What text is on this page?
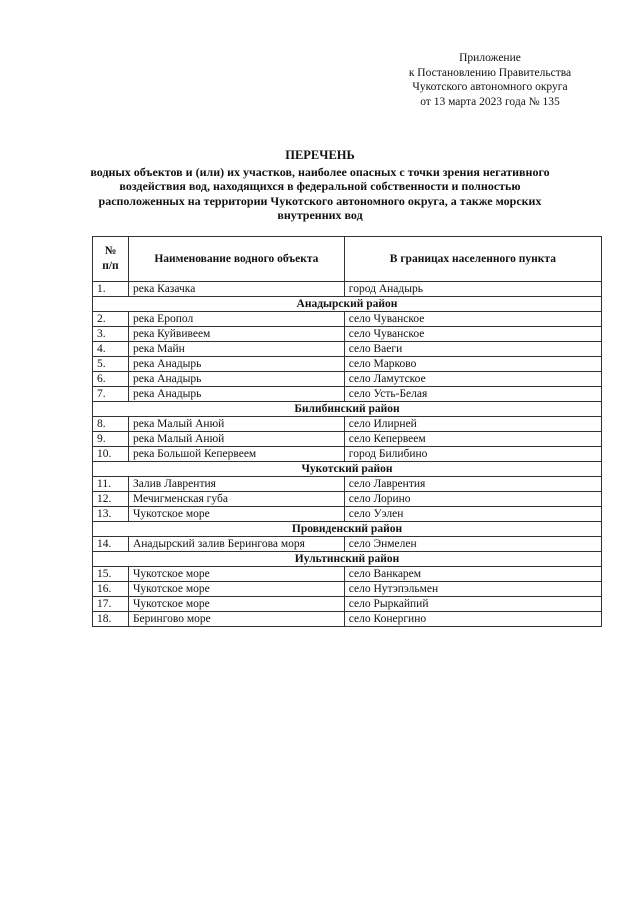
Приложение
к Постановлению Правительства
Чукотского автономного округа
от 13 марта 2023 года № 135
ПЕРЕЧЕНЬ
водных объектов и (или) их участков, наиболее опасных с точки зрения негативного
воздействия вод, находящихся в федеральной собственности и полностью
расположенных на территории Чукотского автономного округа, а также морских
внутренних вод
№
п/п	Наименование водного объекта	В границах населенного пункта
1.	река Казачка	город Анадырь
Анадырский район		
2.	река Еропол	село Чуванское
3.	река Куйвивеем	село Чуванское
4.	река Майн	село Ваеги
5.	река Анадырь	село Марково
6.	река Анадырь	село Ламутское
7.	река Анадырь	село Усть-Белая
Билибинский район		
8.	река Малый Анюй	село Илирней
9.	река Малый Анюй	село Кепервеем
10.	река Большой Кепервеем	город Билибино
Чукотский район		
11.	Залив Лаврентия	село Лаврентия
12.	Мечигменская губа	село Лорино
13.	Чукотское море	село Уэлен
Провиденский район		
14.	Анадырский залив Берингова моря	село Энмелен
Иультинский район		
15.	Чукотское море	село Ванкарем
16.	Чукотское море	село Нутэпэльмен
17.	Чукотское море	село Рыркайпий
18.	Берингово море	село Конергино
